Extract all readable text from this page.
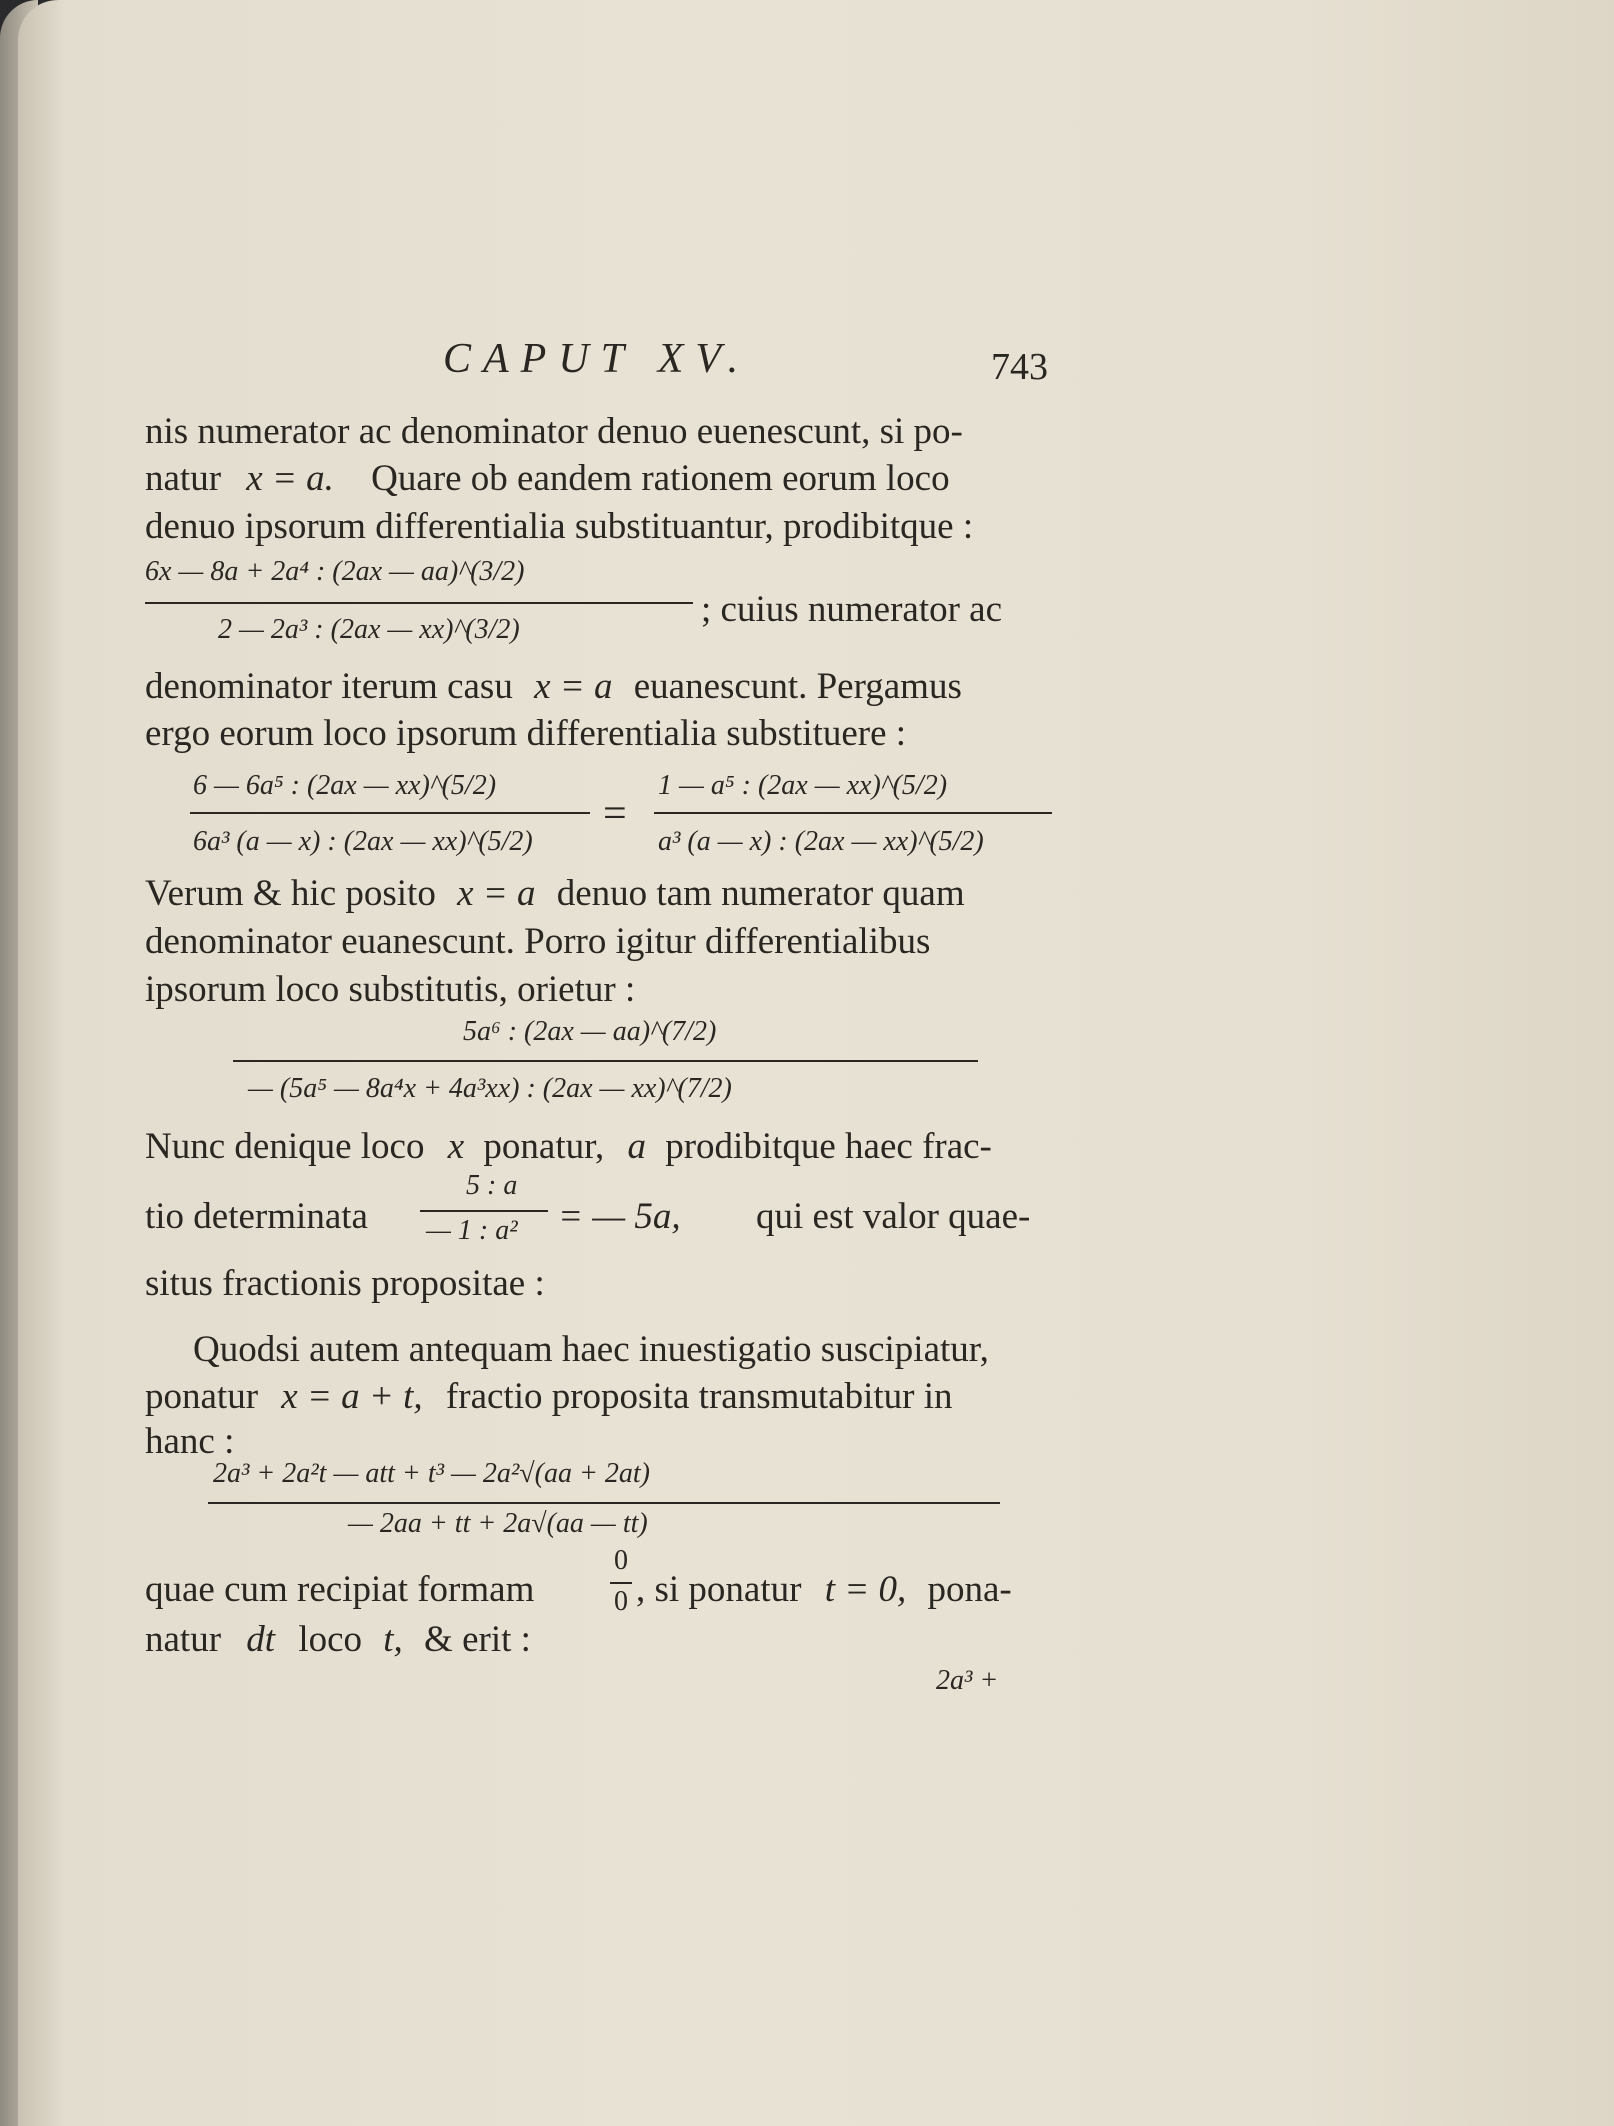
CAPUT XV.	743
nis numerator ac denominator denuo euenescunt, si po-
natur x = a. Quare ob eandem rationem eorum loco
denuo ipsorum differentialia substituantur, prodibitque :
6x — 8a + 2a⁴ : (2ax — aa)^(3/2)
2 — 2a³ : (2ax — xx)^(3/2)	; cuius numerator ac
denominator iterum casu x = a euanescunt. Pergamus
ergo eorum loco ipsorum differentialia substituere :
6 — 6a⁵ : (2ax — xx)^(5/2)
6a³ (a — x) : (2ax — xx)^(5/2)
=
1 — a⁵ : (2ax — xx)^(5/2)
a³ (a — x) : (2ax — xx)^(5/2)
Verum & hic posito x = a denuo tam numerator quam
denominator euanescunt. Porro igitur differentialibus
ipsorum loco substitutis, orietur :
5a⁶ : (2ax — aa)^(7/2)
— (5a⁵ — 8a⁴x + 4a³xx) : (2ax — xx)^(7/2)
Nunc denique loco x ponatur, a prodibitque haec frac-
tio determinata
5 : a
— 1 : a² = — 5a, qui est valor quae-
situs fractionis propositae :
Quodsi autem antequam haec inuestigatio suscipiatur,
ponatur x = a + t, fractio proposita transmutabitur in
hanc :
2a³ + 2a²t — att + t³ — 2a²√(aa + 2at)
— 2aa + tt + 2a√(aa — tt)
quae cum recipiat formam
0
0 , si ponatur t = 0, pona-
natur dt loco t, & erit :
2a³ +
